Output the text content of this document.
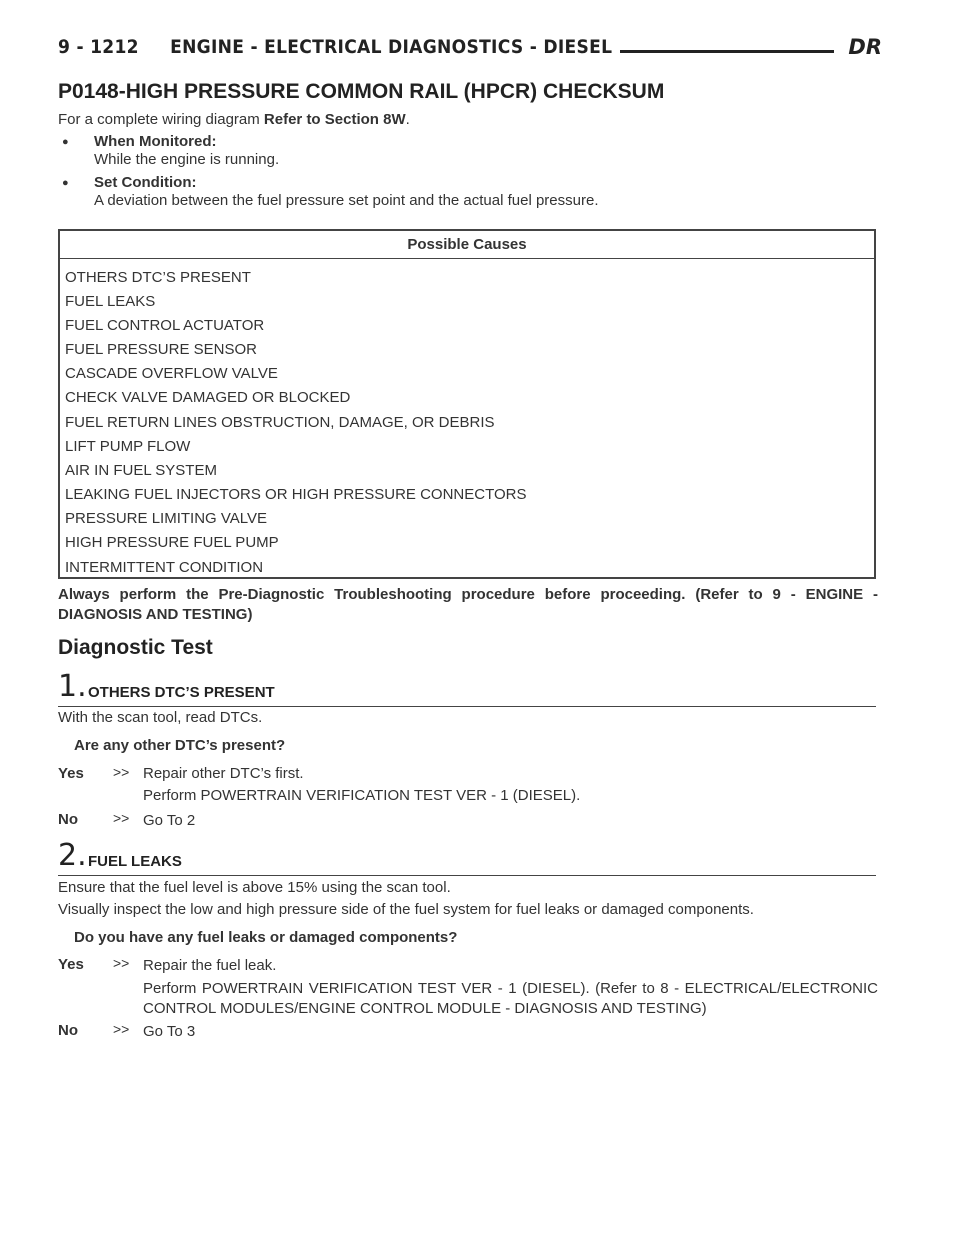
9 - 1212     ENGINE - ELECTRICAL DIAGNOSTICS - DIESEL	DR
P0148-HIGH PRESSURE COMMON RAIL (HPCR) CHECKSUM
For a complete wiring diagram Refer to Section 8W.
● When Monitored:
While the engine is running.
● Set Condition:
A deviation between the fuel pressure set point and the actual fuel pressure.
Possible Causes
OTHERS DTC’S PRESENT
FUEL LEAKS
FUEL CONTROL ACTUATOR
FUEL PRESSURE SENSOR
CASCADE OVERFLOW VALVE
CHECK VALVE DAMAGED OR BLOCKED
FUEL RETURN LINES OBSTRUCTION, DAMAGE, OR DEBRIS
LIFT PUMP FLOW
AIR IN FUEL SYSTEM
LEAKING FUEL INJECTORS OR HIGH PRESSURE CONNECTORS
PRESSURE LIMITING VALVE
HIGH PRESSURE FUEL PUMP
INTERMITTENT CONDITION
Always perform the Pre-Diagnostic Troubleshooting procedure before proceeding. (Refer to 9 - ENGINE - DIAGNOSIS AND TESTING)
Diagnostic Test
1. OTHERS DTC’S PRESENT
With the scan tool, read DTCs.
Are any other DTC’s present?
Yes >> Repair other DTC’s first.
Perform POWERTRAIN VERIFICATION TEST VER - 1 (DIESEL).
No	>> Go To 2
2. FUEL LEAKS
Ensure that the fuel level is above 15% using the scan tool.
Visually inspect the low and high pressure side of the fuel system for fuel leaks or damaged components.
Do you have any fuel leaks or damaged components?
Yes >> Repair the fuel leak.
Perform POWERTRAIN VERIFICATION TEST VER - 1 (DIESEL). (Refer to 8 - ELECTRICAL/ELECTRONIC CONTROL MODULES/ENGINE CONTROL MODULE - DIAGNOSIS AND TESTING)
No	>> Go To 3
